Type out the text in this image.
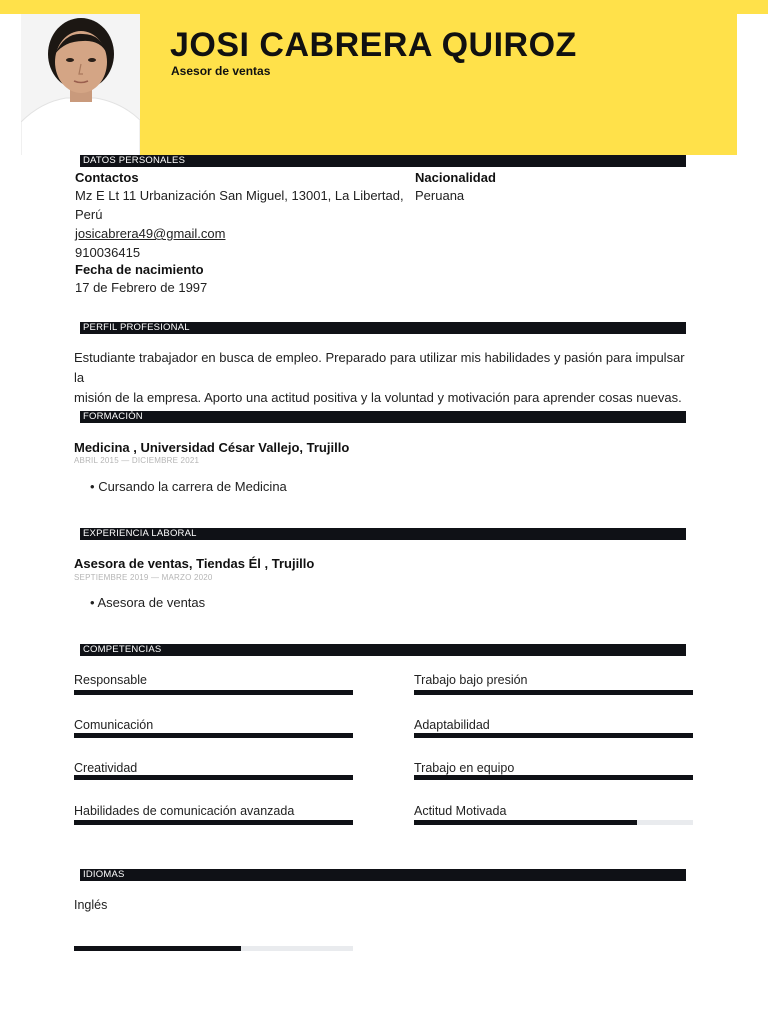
JOSI CABRERA QUIROZ
Asesor de ventas
DATOS PERSONALES
Contactos
Mz E Lt 11 Urbanización San Miguel, 13001, La Libertad,
Perú
josicabrera49@gmail.com
910036415
Fecha de nacimiento
17 de Febrero de 1997
Nacionalidad
Peruana
PERFIL PROFESIONAL
Estudiante trabajador en busca de empleo. Preparado para utilizar mis habilidades y pasión para impulsar la
misión de la empresa. Aporto una actitud positiva y la voluntad y motivación para aprender cosas nuevas.
FORMACIÓN
Medicina , Universidad César Vallejo, Trujillo
ABRIL 2015 — DICIEMBRE 2021
• Cursando la carrera de Medicina
EXPERIENCIA LABORAL
Asesora de ventas, Tiendas Él , Trujillo
SEPTIEMBRE 2019 — MARZO 2020
• Asesora de ventas
COMPETENCIAS
Responsable	Trabajo bajo presión
Comunicación	Adaptabilidad
Creatividad	Trabajo en equipo
Habilidades de comunicación avanzada	Actitud Motivada
IDIOMAS
Inglés
